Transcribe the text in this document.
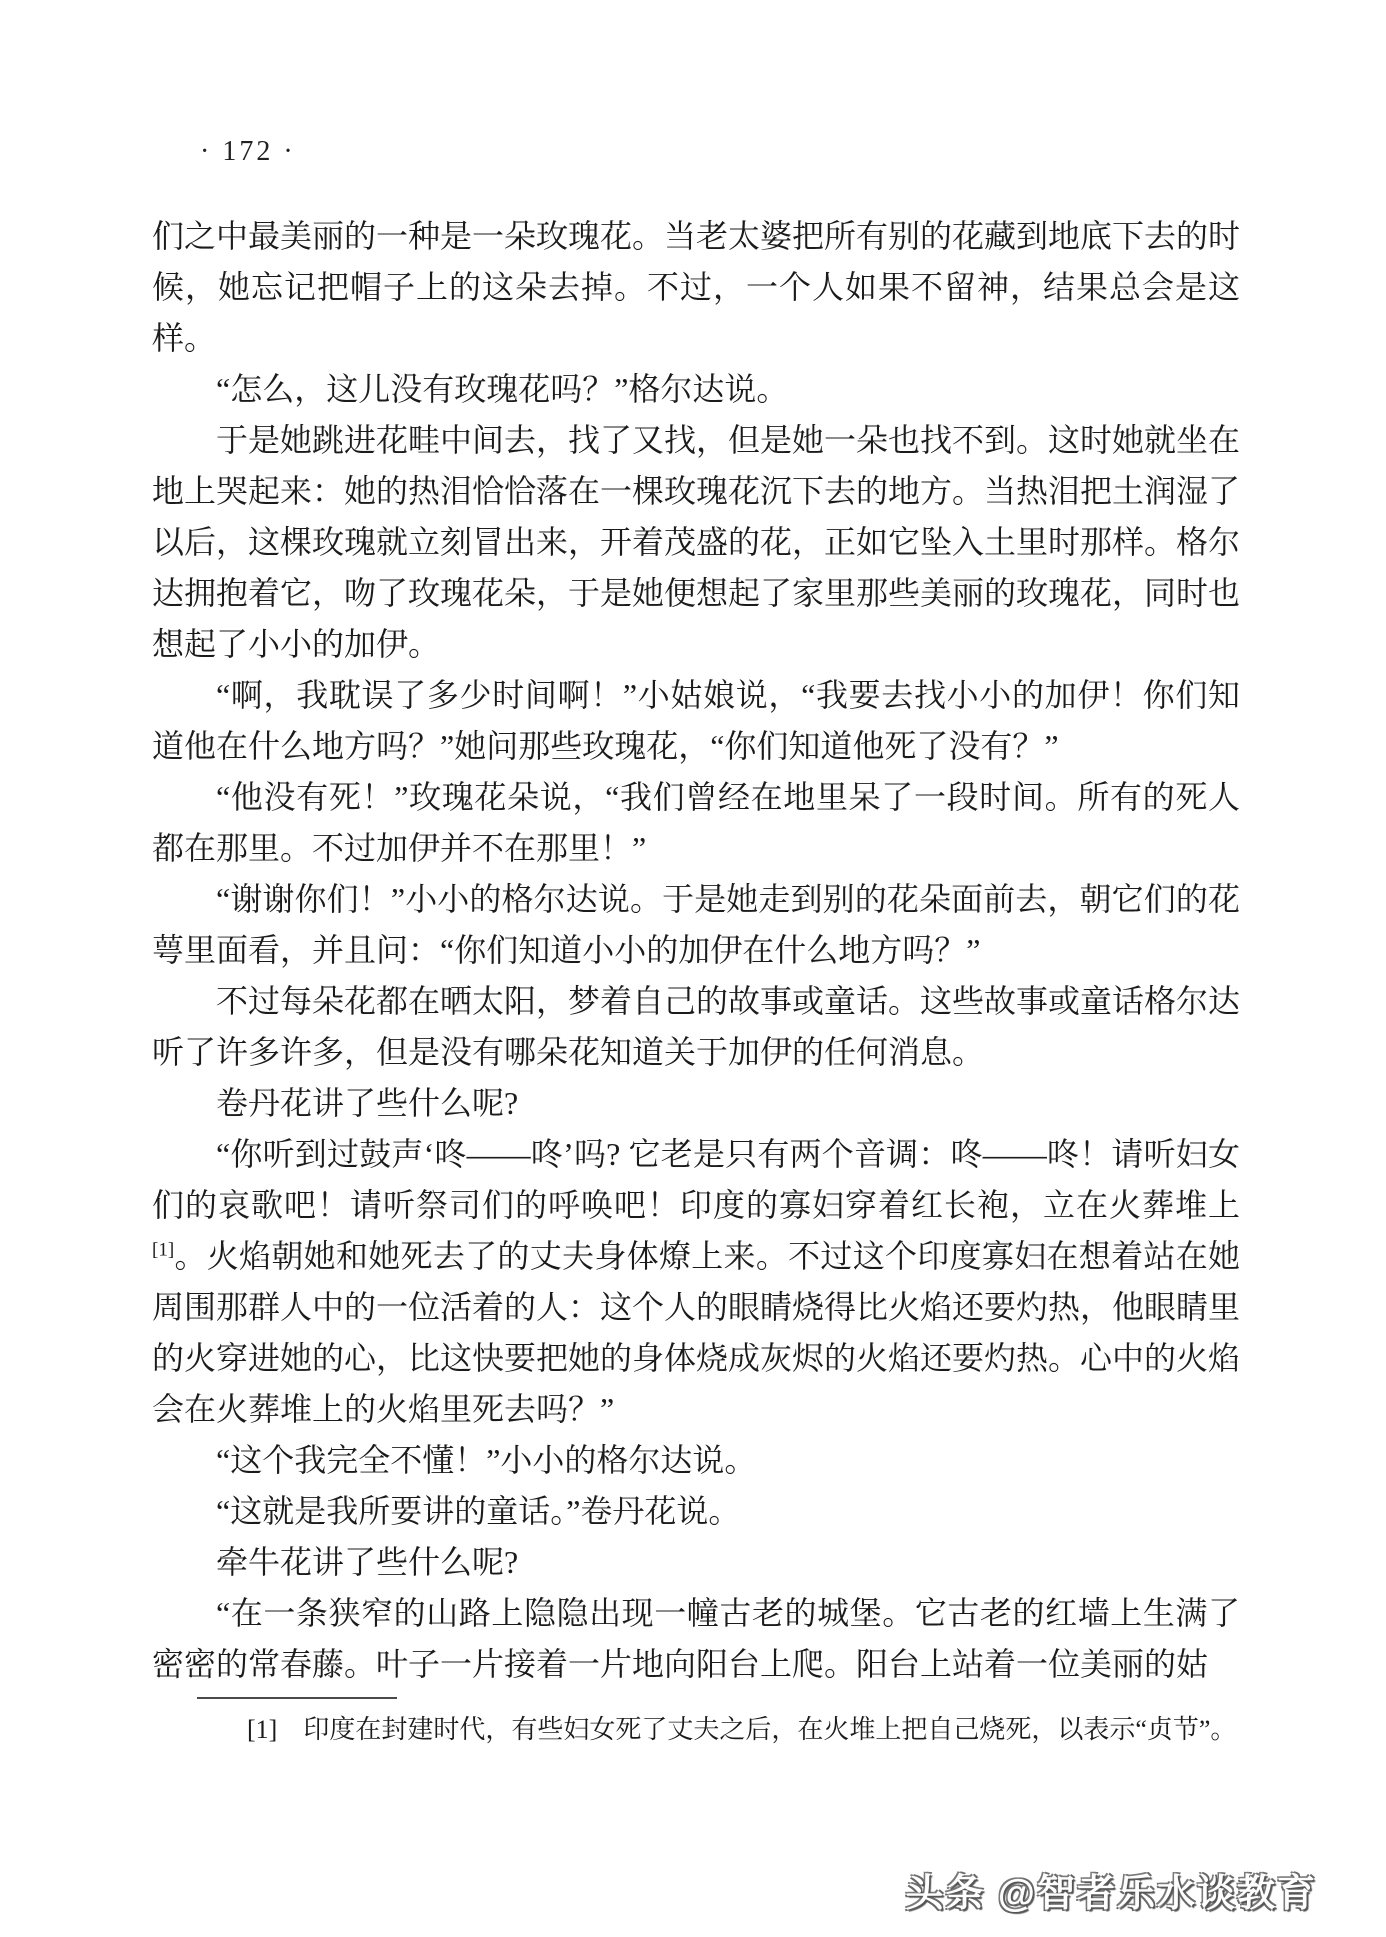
· 172 ·

们之中最美丽的一种是一朵玫瑰花。当老太婆把所有别的花藏到地底下去的时候，她忘记把帽子上的这朵去掉。不过，一个人如果不留神，结果总会是这样。

“怎么，这儿没有玫瑰花吗？”格尔达说。

于是她跳进花畦中间去，找了又找，但是她一朵也找不到。这时她就坐在地上哭起来：她的热泪恰恰落在一棵玫瑰花沉下去的地方。当热泪把土润湿了以后，这棵玫瑰就立刻冒出来，开着茂盛的花，正如它坠入土里时那样。格尔达拥抱着它，吻了玫瑰花朵，于是她便想起了家里那些美丽的玫瑰花，同时也想起了小小的加伊。

“啊，我耽误了多少时间啊！”小姑娘说，“我要去找小小的加伊！你们知道他在什么地方吗？”她问那些玫瑰花，“你们知道他死了没有？”

“他没有死！”玫瑰花朵说，“我们曾经在地里呆了一段时间。所有的死人都在那里。不过加伊并不在那里！”

“谢谢你们！”小小的格尔达说。于是她走到别的花朵面前去，朝它们的花萼里面看，并且问：“你们知道小小的加伊在什么地方吗？”

不过每朵花都在晒太阳，梦着自己的故事或童话。这些故事或童话格尔达听了许多许多，但是没有哪朵花知道关于加伊的任何消息。

卷丹花讲了些什么呢?

“你听到过鼓声‘咚——咚’吗? 它老是只有两个音调：咚——咚！请听妇女们的哀歌吧！请听祭司们的呼唤吧！印度的寡妇穿着红长袍，立在火葬堆上[1]。火焰朝她和她死去了的丈夫身体燎上来。不过这个印度寡妇在想着站在她周围那群人中的一位活着的人：这个人的眼睛烧得比火焰还要灼热，他眼睛里的火穿进她的心，比这快要把她的身体烧成灰烬的火焰还要灼热。心中的火焰会在火葬堆上的火焰里死去吗？”

“这个我完全不懂！”小小的格尔达说。

“这就是我所要讲的童话。”卷丹花说。

牵牛花讲了些什么呢?

“在一条狭窄的山路上隐隐出现一幢古老的城堡。它古老的红墙上生满了密密的常春藤。叶子一片接着一片地向阳台上爬。阳台上站着一位美丽的姑

[1] 印度在封建时代，有些妇女死了丈夫之后，在火堆上把自己烧死，以表示“贞节”。
头条 @智者乐水谈教育
